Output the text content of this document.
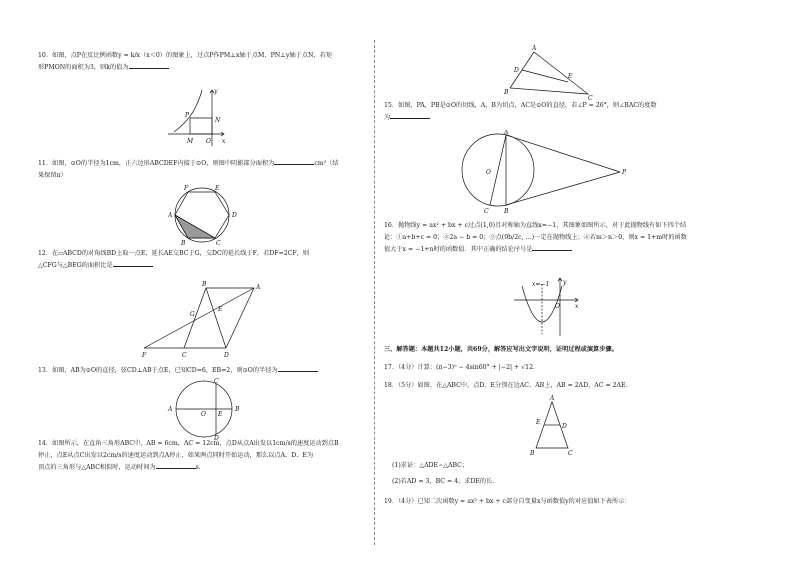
10．如图，点P在反比例函数y = k/x（x＜0）的图象上，过点P作PM⊥x轴于点M，PN⊥y轴于点N，若矩
形PMON的面积为3，则k的值为
y
P
N
M O x
11．如图，⊙O的半径为1cm，正六边形ABCDEF内接于⊙O，则图中阴影部分面积为	cm²（结
果保留π）
F	E
A	D
B	C
12．在▱ABCD的对角线BD上取一点E，延长AE交BC于G，交DC的延长线于F，若DF=2CF，则
△CFG与△BEG的面积比是
B	A
G
E
F	C	D
13．如图，AB为⊙O的直径，弦CD⊥AB于点E，已知CD=6，EB=2，则⊙O的半径为
C
A
O E
B
D
14．如图所示，在直角三角形ABC中，AB = 6cm，AC = 12cm，点D从点A出发以1cm/s的速度运动到点B
停止，点E从点C出发以2cm/s的速度运动到点A停止，如果两点同时开始运动，那么以点A、D、E为
顶点的三角形与△ABC相似时，运动时间为	s．
A
D
E
B
C
15．如图，PA，PB是⊙O的切线，A，B为切点，AC是⊙O的直径，若∠P = 26°，则∠BAC的度数
为
A
O	P
C	B
16．抛物线y = ax² + bx + c过点(1,0)且对称轴为直线x=−1，其图象如图所示，对于此抛物线有如下四个结
论：①a+b+c = 0；②2a − b = 0；③点(9b/2c, …)一定在抛物线上；④若m＞n＞0，则x = 1+m时的函数
值大于x = −1+n时的函数值．其中正确的结论序号是
x=−1 y
O	x
三、解答题：本题共12小题，共69分，解答应写出文字说明，证明过程或演算步骤。
17．（4分）计算：(π−3)⁰ − 4sin60° + |−2| + √12．
18．（5分）如图，在△ABC中，点D、E分别在边AC、AB上，AB = 2AD，AC = 2AE．
A
E
D
B	C
(1)求证：△ADE∽△ABC；
(2)若AD = 3，BC = 4，求DE的长．
19．（4分）已知二次函数y = ax² + bx + c部分自变量x与函数值y的对应值如下表所示：
